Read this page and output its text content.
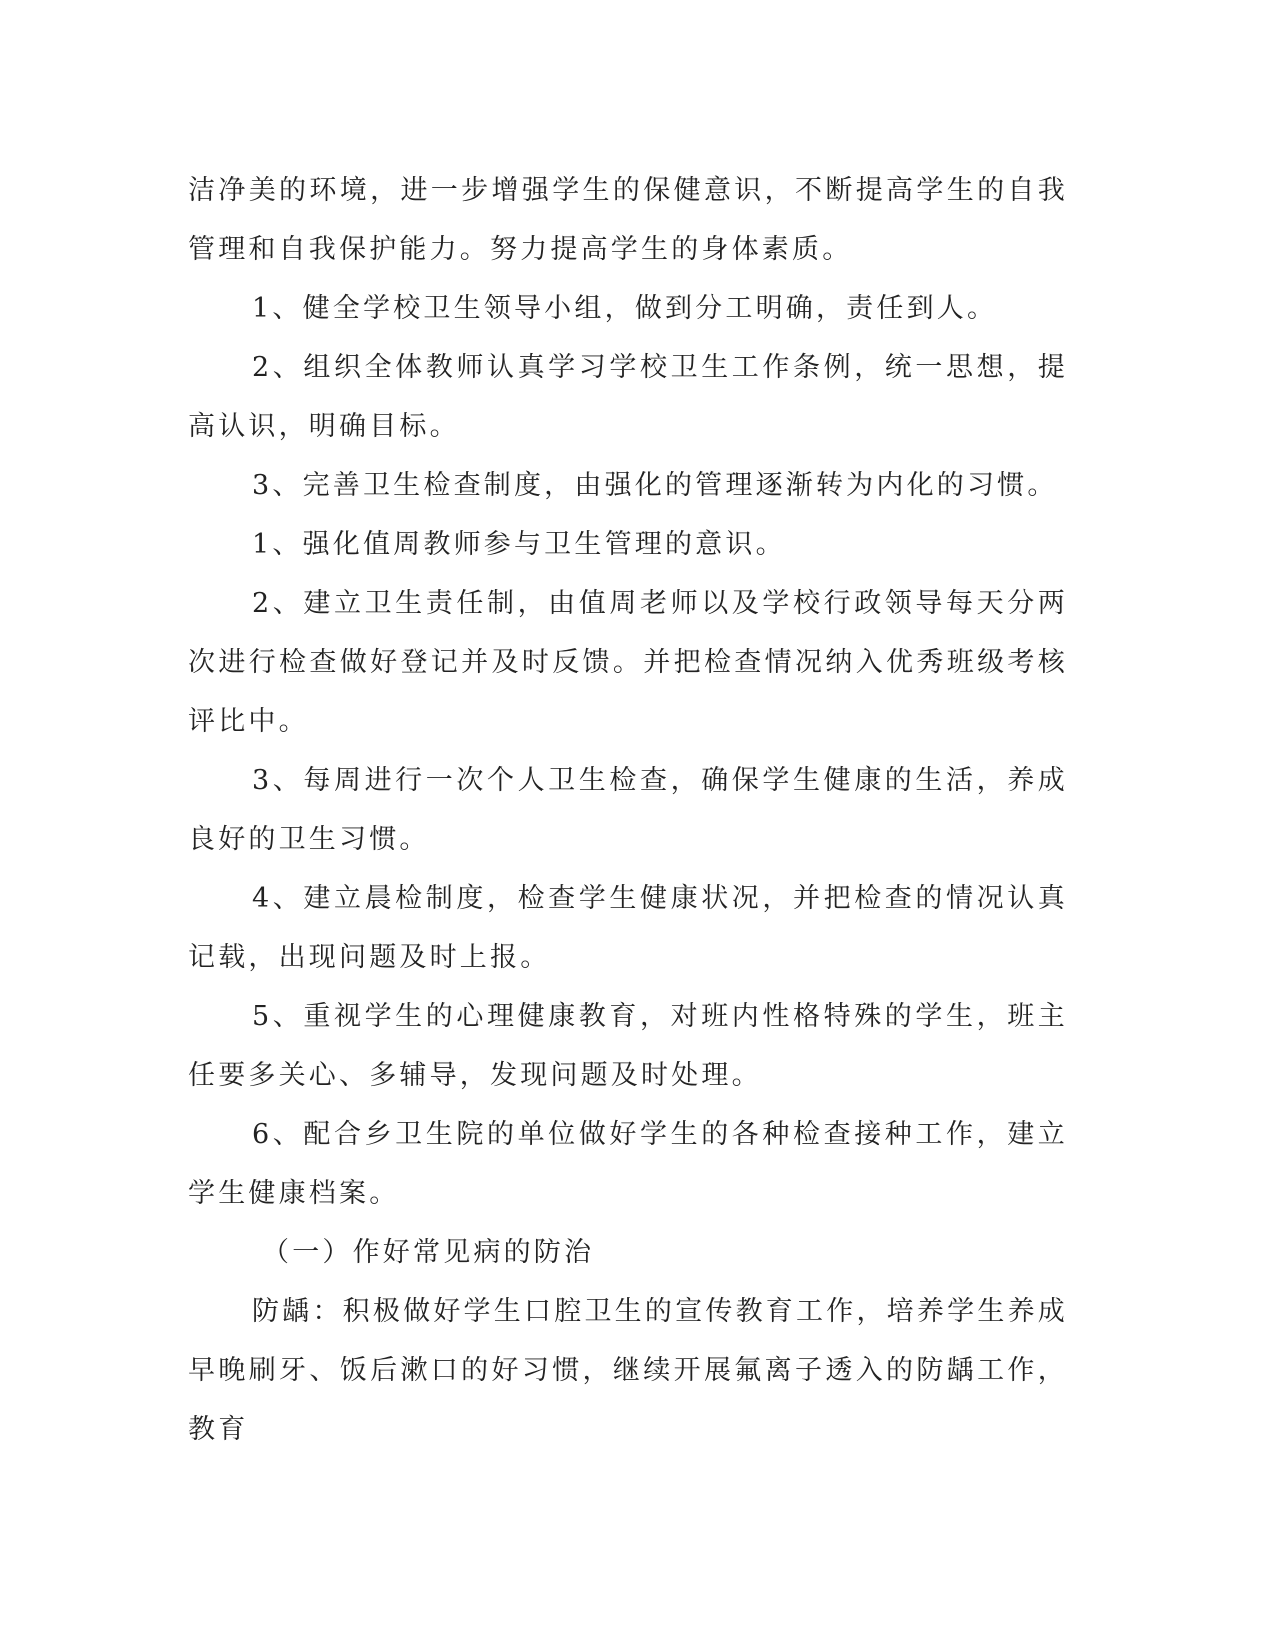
洁净美的环境，进一步增强学生的保健意识，不断提高学生的自我管理和自我保护能力。努力提高学生的身体素质。

1、健全学校卫生领导小组，做到分工明确，责任到人。

2、组织全体教师认真学习学校卫生工作条例，统一思想，提高认识，明确目标。

3、完善卫生检查制度，由强化的管理逐渐转为内化的习惯。

1、强化值周教师参与卫生管理的意识。

2、建立卫生责任制，由值周老师以及学校行政领导每天分两次进行检查做好登记并及时反馈。并把检查情况纳入优秀班级考核评比中。

3、每周进行一次个人卫生检查，确保学生健康的生活，养成良好的卫生习惯。

4、建立晨检制度，检查学生健康状况，并把检查的情况认真记载，出现问题及时上报。

5、重视学生的心理健康教育，对班内性格特殊的学生，班主任要多关心、多辅导，发现问题及时处理。

6、配合乡卫生院的单位做好学生的各种检查接种工作，建立学生健康档案。

（一）作好常见病的防治

防龋：积极做好学生口腔卫生的宣传教育工作，培养学生养成早晚刷牙、饭后漱口的好习惯，继续开展氟离子透入的防龋工作，教育
